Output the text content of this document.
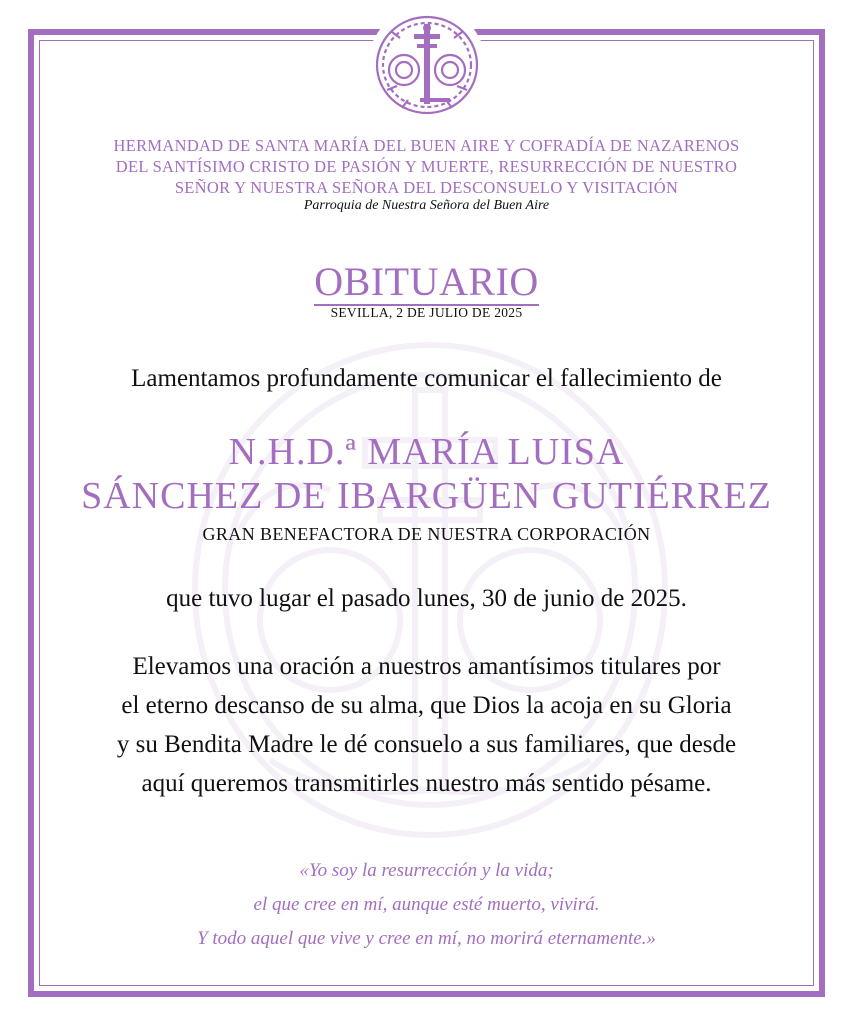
HERMANDAD DE SANTA MARÍA DEL BUEN AIRE Y COFRADÍA DE NAZARENOS
DEL SANTÍSIMO CRISTO DE PASIÓN Y MUERTE, RESURRECCIÓN DE NUESTRO
SEÑOR Y NUESTRA SEÑORA DEL DESCONSUELO Y VISITACIÓN
Parroquia de Nuestra Señora del Buen Aire
OBITUARIO
SEVILLA, 2 DE JULIO DE 2025
Lamentamos profundamente comunicar el fallecimiento de
N.H.D.ª MARÍA LUISA
SÁNCHEZ DE IBARGÜEN GUTIÉRREZ
GRAN BENEFACTORA DE NUESTRA CORPORACIÓN
que tuvo lugar el pasado lunes, 30 de junio de 2025.
Elevamos una oración a nuestros amantísimos titulares por
el eterno descanso de su alma, que Dios la acoja en su Gloria
y su Bendita Madre le dé consuelo a sus familiares, que desde
aquí queremos transmitirles nuestro más sentido pésame.
«Yo soy la resurrección y la vida;
el que cree en mí, aunque esté muerto, vivirá.
Y todo aquel que vive y cree en mí, no morirá eternamente.»
